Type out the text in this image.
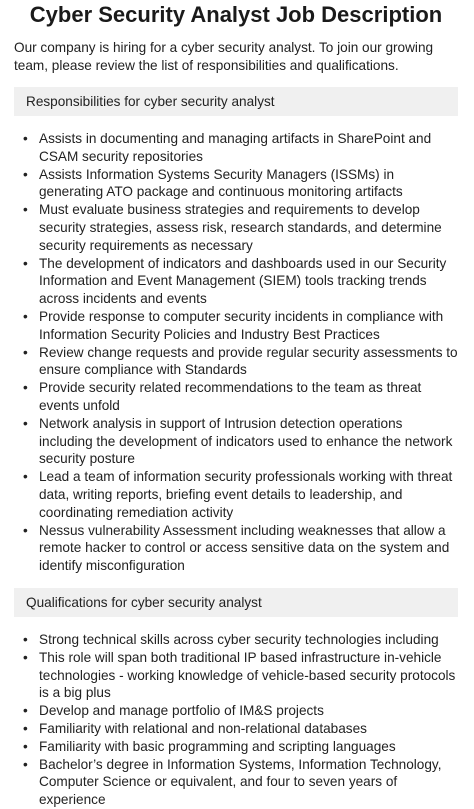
Cyber Security Analyst Job Description

Our company is hiring for a cyber security analyst. To join our growing team, please review the list of responsibilities and qualifications.

Responsibilities for cyber security analyst
• Assists in documenting and managing artifacts in SharePoint and CSAM security repositories
• Assists Information Systems Security Managers (ISSMs) in generating ATO package and continuous monitoring artifacts
• Must evaluate business strategies and requirements to develop security strategies, assess risk, research standards, and determine security requirements as necessary
• The development of indicators and dashboards used in our Security Information and Event Management (SIEM) tools tracking trends across incidents and events
• Provide response to computer security incidents in compliance with Information Security Policies and Industry Best Practices
• Review change requests and provide regular security assessments to ensure compliance with Standards
• Provide security related recommendations to the team as threat events unfold
• Network analysis in support of Intrusion detection operations including the development of indicators used to enhance the network security posture
• Lead a team of information security professionals working with threat data, writing reports, briefing event details to leadership, and coordinating remediation activity
• Nessus vulnerability Assessment including weaknesses that allow a remote hacker to control or access sensitive data on the system and identify misconfiguration
Qualifications for cyber security analyst
• Strong technical skills across cyber security technologies including
• This role will span both traditional IP based infrastructure in-vehicle technologies - working knowledge of vehicle-based security protocols is a big plus
• Develop and manage portfolio of IM&S projects
• Familiarity with relational and non-relational databases
• Familiarity with basic programming and scripting languages
• Bachelor’s degree in Information Systems, Information Technology, Computer Science or equivalent, and four to seven years of experience
